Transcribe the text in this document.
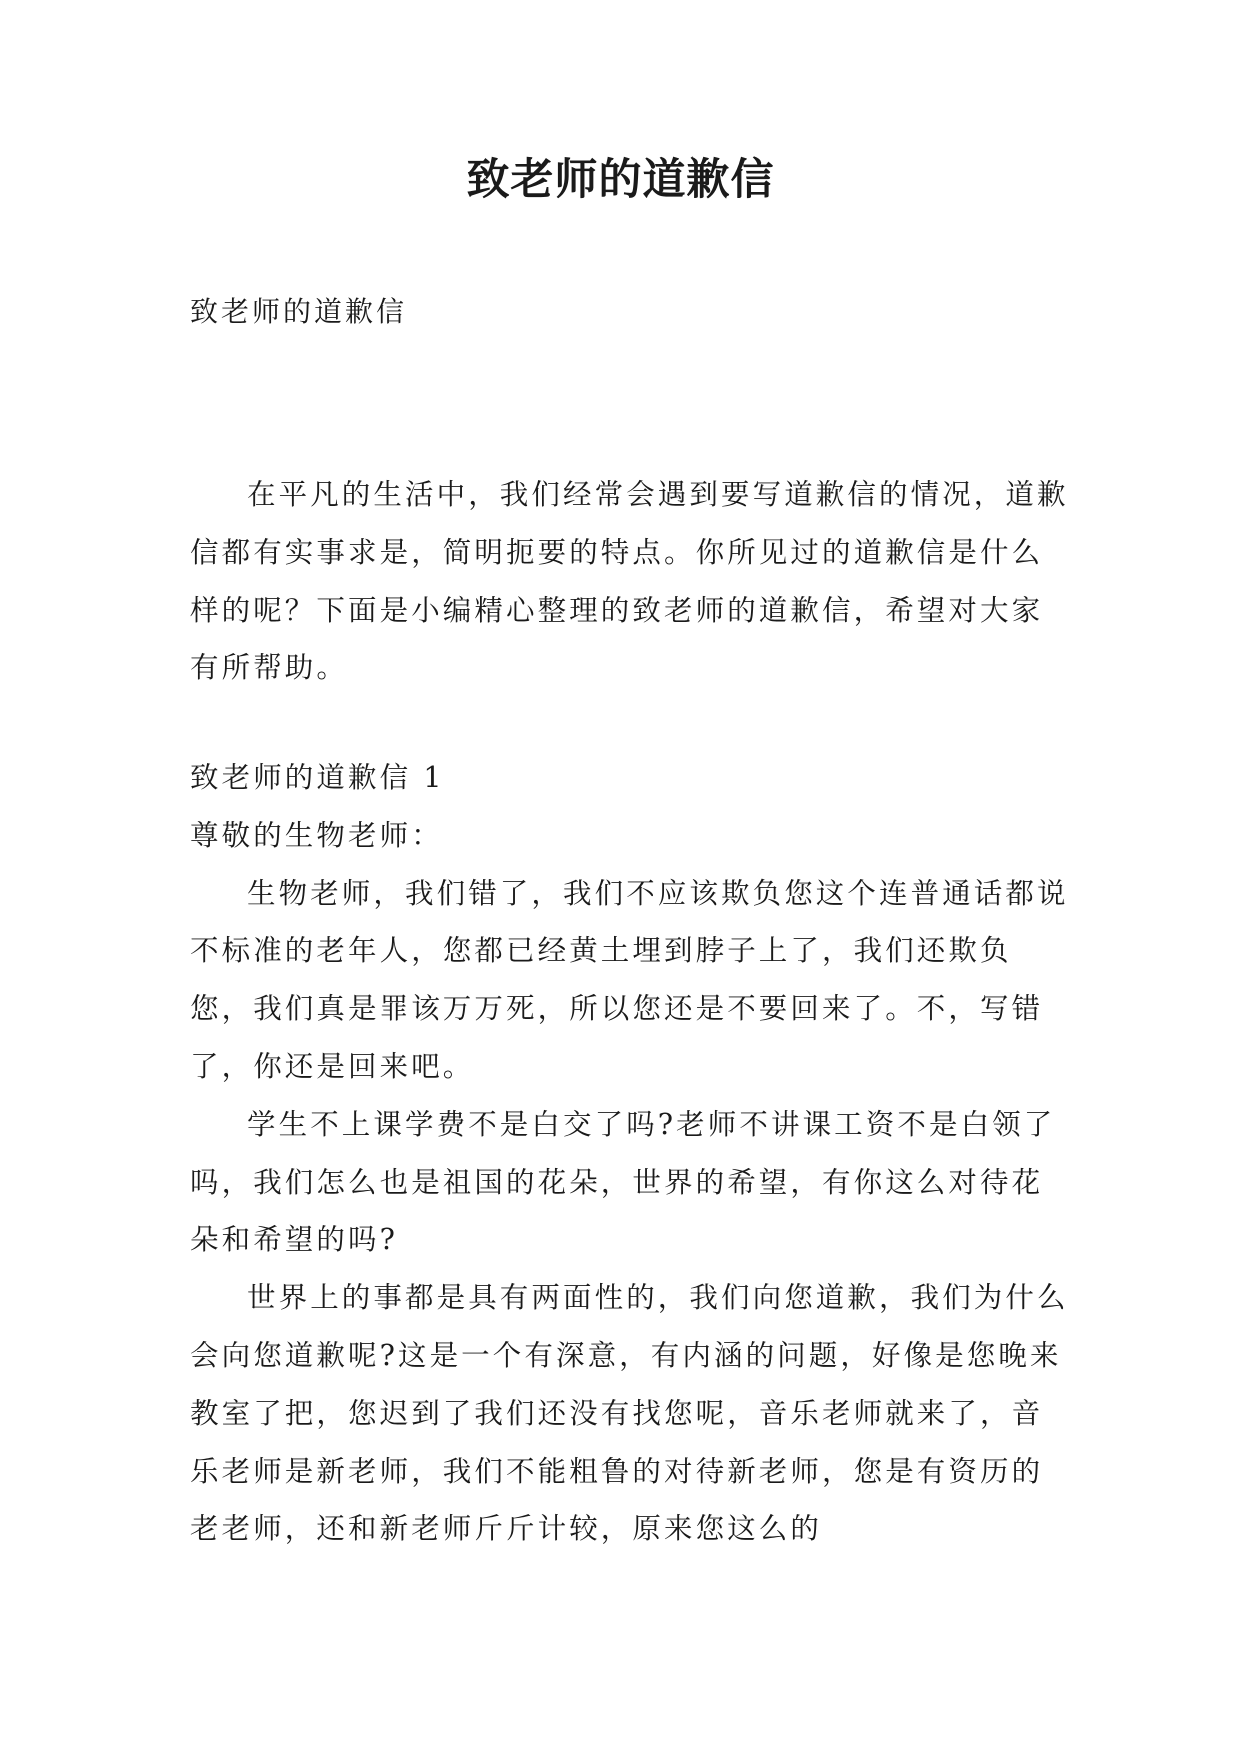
致老师的道歉信

致老师的道歉信

在平凡的生活中，我们经常会遇到要写道歉信的情况，道歉信都有实事求是，简明扼要的特点。你所见过的道歉信是什么样的呢？下面是小编精心整理的致老师的道歉信，希望对大家有所帮助。

致老师的道歉信 1

尊敬的生物老师：

生物老师，我们错了，我们不应该欺负您这个连普通话都说不标准的老年人，您都已经黄土埋到脖子上了，我们还欺负您，我们真是罪该万万死，所以您还是不要回来了。不，写错了，你还是回来吧。

学生不上课学费不是白交了吗?老师不讲课工资不是白领了吗，我们怎么也是祖国的花朵，世界的希望，有你这么对待花朵和希望的吗?

世界上的事都是具有两面性的，我们向您道歉，我们为什么会向您道歉呢?这是一个有深意，有内涵的问题，好像是您晚来教室了把，您迟到了我们还没有找您呢，音乐老师就来了，音乐老师是新老师，我们不能粗鲁的对待新老师，您是有资历的老老师，还和新老师斤斤计较，原来您这么的
